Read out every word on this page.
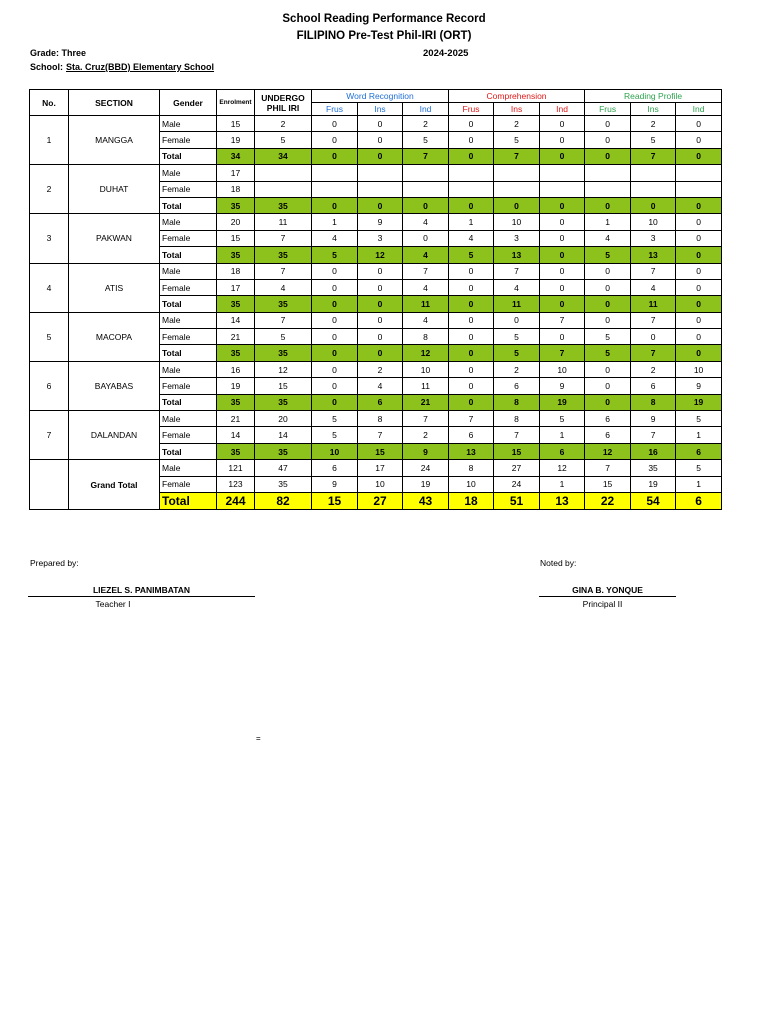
School Reading Performance Record
FILIPINO Pre-Test Phil-IRI (ORT)
Grade: Three	2024-2025
School: Sta. Cruz(BBD) Elementary School
No.	SECTION	Gender	Enrolment	UNDERGO PHIL IRI	Word Recognition			Comprehension			Reading Profile		
					Frus	Ins	Ind	Frus	Ins	Ind	Frus	Ins	Ind
1	MANGGA	Male	15	2	0	0	2	0	2	0	0	2	0
		Female	19	5	0	0	5	0	5	0	0	5	0
		Total	34	34	0	0	7	0	7	0	0	7	0
2	DUHAT	Male	17										
		Female	18										
		Total	35	35	0	0	0	0	0	0	0	0	0
3	PAKWAN	Male	20	11	1	9	4	1	10	0	1	10	0
		Female	15	7	4	3	0	4	3	0	4	3	0
		Total	35	35	5	12	4	5	13	0	5	13	0
4	ATIS	Male	18	7	0	0	7	0	7	0	0	7	0
		Female	17	4	0	0	4	0	4	0	0	4	0
		Total	35	35	0	0	11	0	11	0	0	11	0
5	MACOPA	Male	14	7	0	0	4	0	0	7	0	7	0
		Female	21	5	0	0	8	0	5	0	5	0	0
		Total	35	35	0	0	12	0	5	7	5	7	0
6	BAYABAS	Male	16	12	0	2	10	0	2	10	0	2	10
		Female	19	15	0	4	11	0	6	9	0	6	9
		Total	35	35	0	6	21	0	8	19	0	8	19
7	DALANDAN	Male	21	20	5	8	7	7	8	5	6	9	5
		Female	14	14	5	7	2	6	7	1	6	7	1
		Total	35	35	10	15	9	13	15	6	12	16	6
	Grand Total	Male	121	47	6	17	24	8	27	12	7	35	5
		Female	123	35	9	10	19	10	24	1	15	19	1
		Total	244	82	15	27	43	18	51	13	22	54	6
Prepared by:
LIEZEL S. PANIMBATAN
Teacher I
Noted by:
GINA B. YONQUE
Principal II
=
